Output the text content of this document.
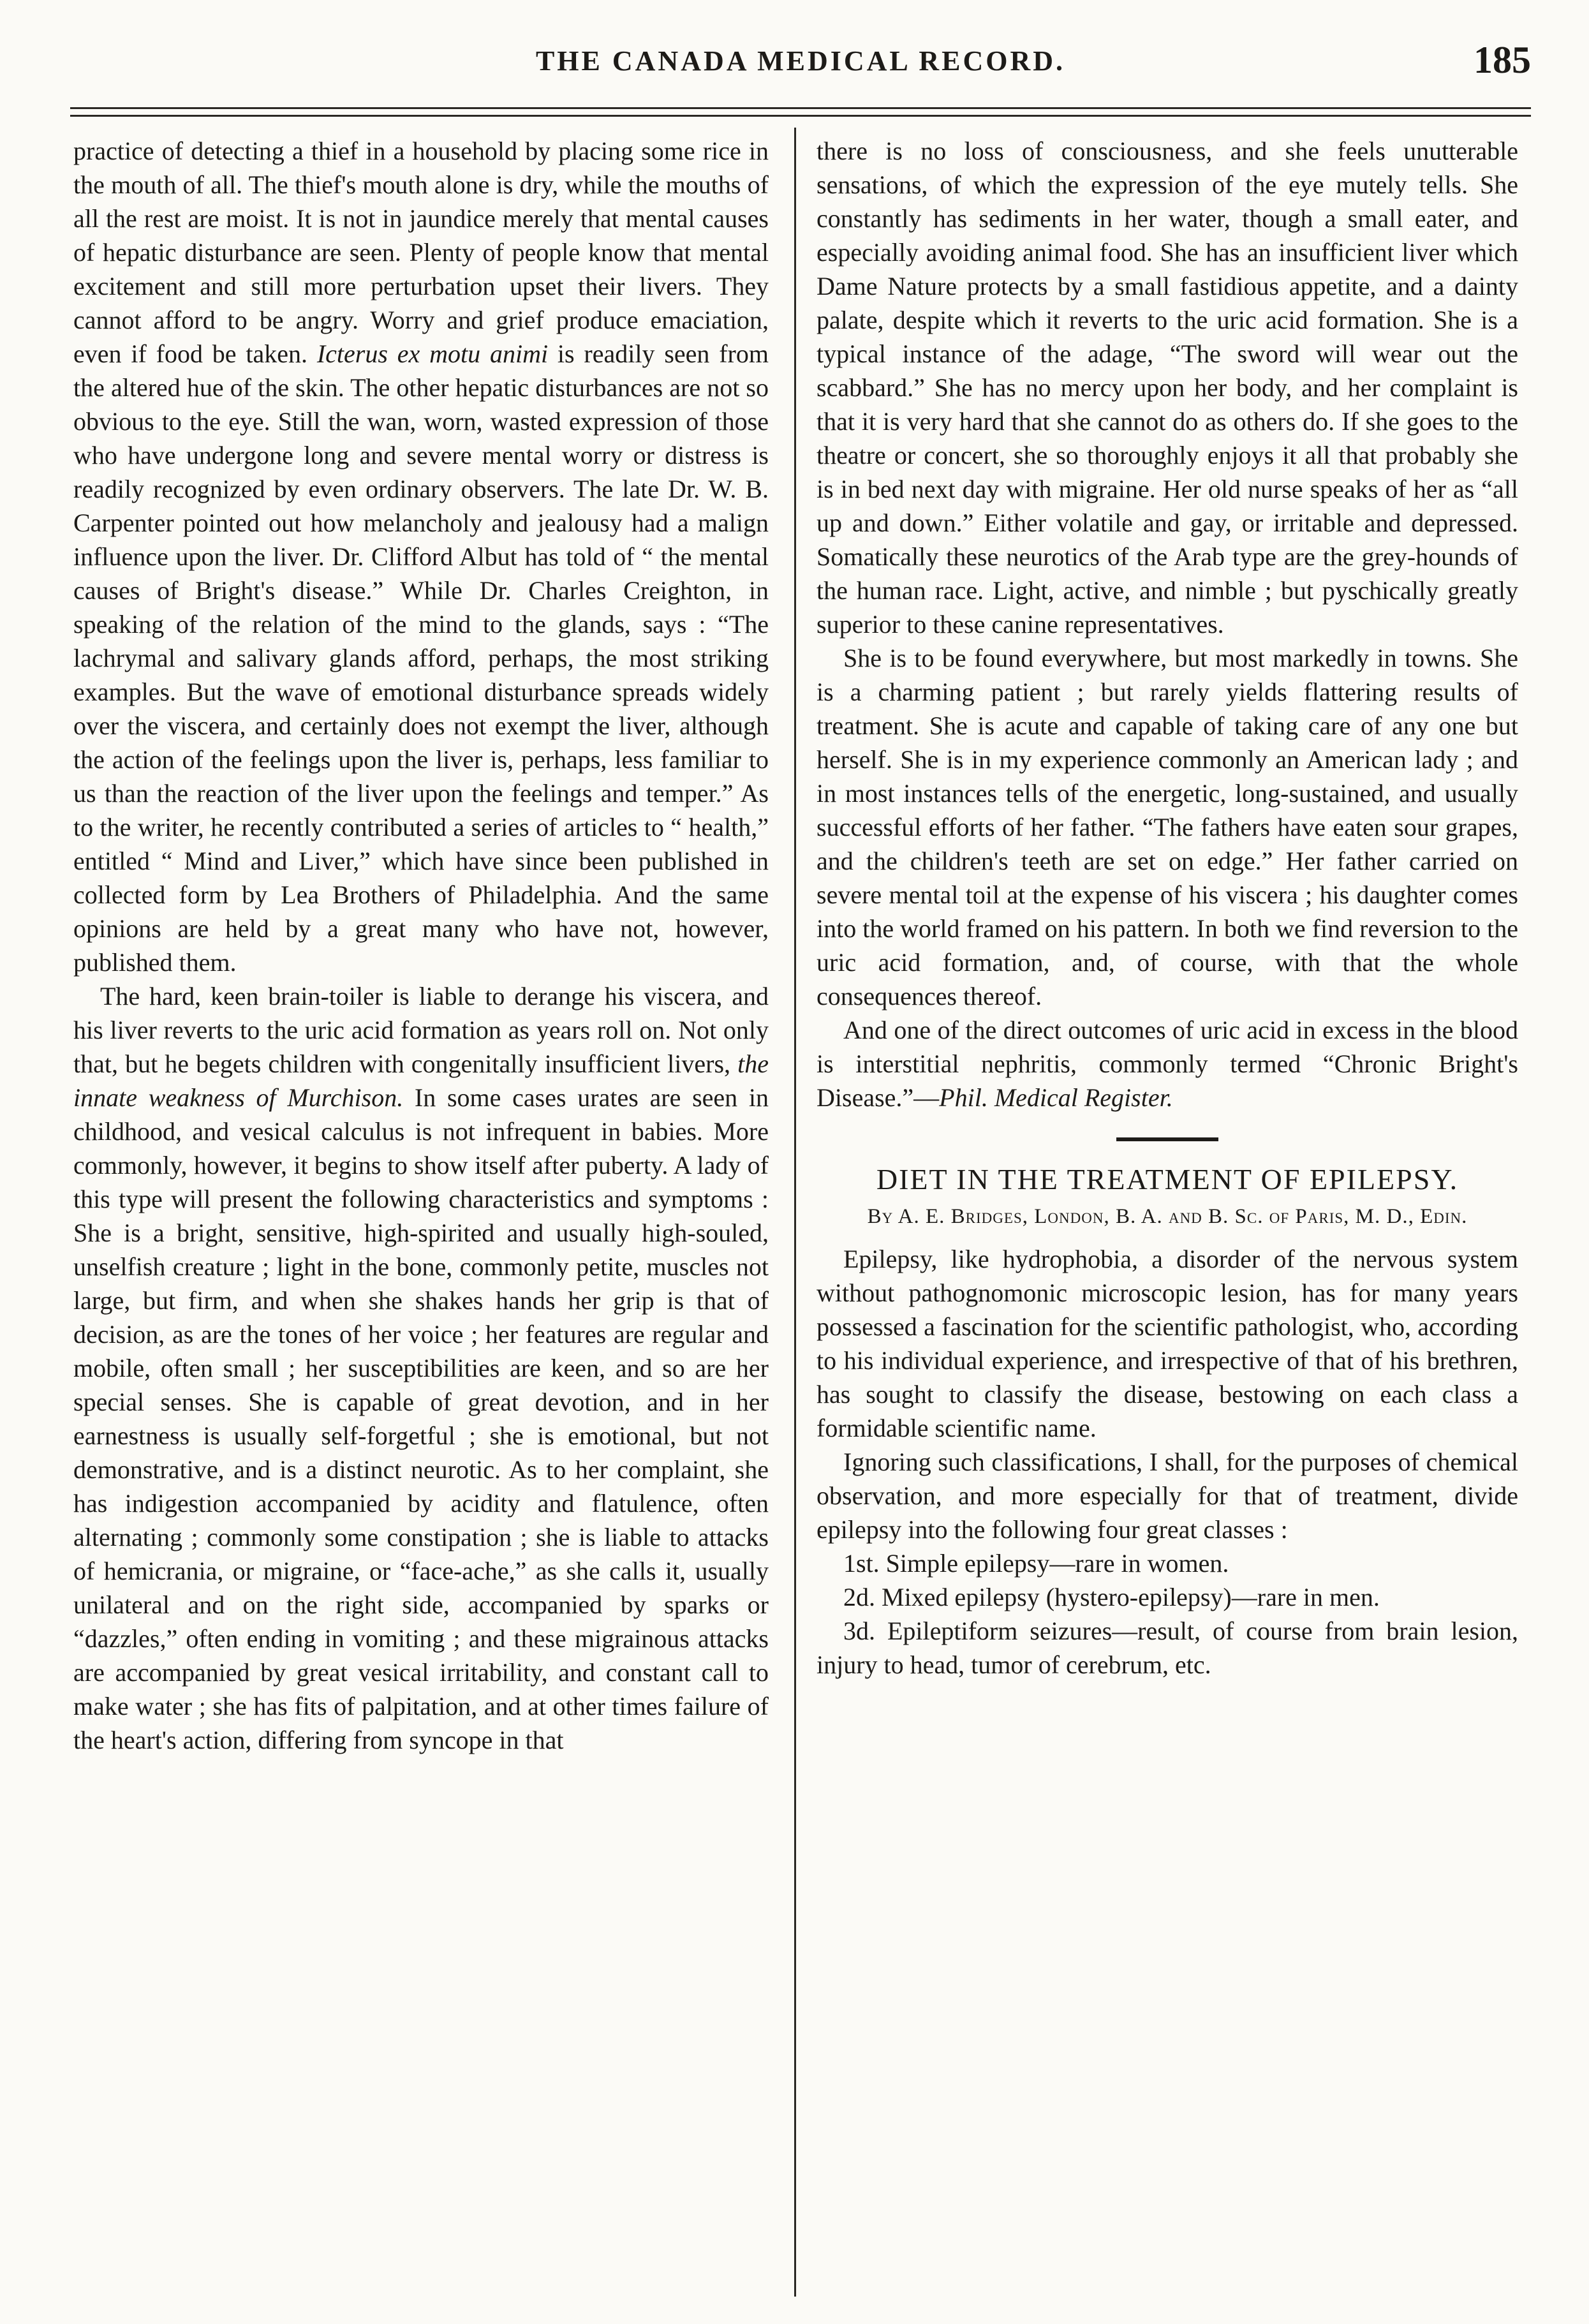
THE CANADA MEDICAL RECORD.	185

practice of detecting a thief in a household by placing some rice in the mouth of all. The thief's mouth alone is dry, while the mouths of all the rest are moist. It is not in jaundice merely that mental causes of hepatic disturbance are seen. Plenty of people know that mental excitement and still more perturbation upset their livers. They cannot afford to be angry. Worry and grief produce emaciation, even if food be taken. Icterus ex motu animi is readily seen from the altered hue of the skin. The other hepatic disturbances are not so obvious to the eye. Still the wan, worn, wasted expression of those who have undergone long and severe mental worry or distress is readily recognized by even ordinary observers. The late Dr. W. B. Carpenter pointed out how melancholy and jealousy had a malign influence upon the liver. Dr. Clifford Albut has told of “ the mental causes of Bright's disease.” While Dr. Charles Creighton, in speaking of the relation of the mind to the glands, says : “The lachrymal and salivary glands afford, perhaps, the most striking examples. But the wave of emotional disturbance spreads widely over the viscera, and certainly does not exempt the liver, although the action of the feelings upon the liver is, perhaps, less familiar to us than the reaction of the liver upon the feelings and temper.” As to the writer, he recently contributed a series of articles to “ health,” entitled “ Mind and Liver,” which have since been published in collected form by Lea Brothers of Philadelphia. And the same opinions are held by a great many who have not, however, published them.

The hard, keen brain-toiler is liable to derange his viscera, and his liver reverts to the uric acid formation as years roll on. Not only that, but he begets children with congenitally insufficient livers, the innate weakness of Murchison. In some cases urates are seen in childhood, and vesical calculus is not infrequent in babies. More commonly, however, it begins to show itself after puberty. A lady of this type will present the following characteristics and symptoms : She is a bright, sensitive, high-spirited and usually high-souled, unselfish creature ; light in the bone, commonly petite, muscles not large, but firm, and when she shakes hands her grip is that of decision, as are the tones of her voice ; her features are regular and mobile, often small ; her susceptibilities are keen, and so are her special senses. She is capable of great devotion, and in her earnestness is usually self-forgetful ; she is emotional, but not demonstrative, and is a distinct neurotic. As to her complaint, she has indigestion accompanied by acidity and flatulence, often alternating ; commonly some constipation ; she is liable to attacks of hemicrania, or migraine, or “face-ache,” as she calls it, usually unilateral and on the right side, accompanied by sparks or “dazzles,” often ending in vomiting ; and these migrainous attacks are accompanied by great vesical irritability, and constant call to make water ; she has fits of palpitation, and at other times failure of the heart's action, differing from syncope in that

there is no loss of consciousness, and she feels unutterable sensations, of which the expression of the eye mutely tells. She constantly has sediments in her water, though a small eater, and especially avoiding animal food. She has an insufficient liver which Dame Nature protects by a small fastidious appetite, and a dainty palate, despite which it reverts to the uric acid formation. She is a typical instance of the adage, “The sword will wear out the scabbard.” She has no mercy upon her body, and her complaint is that it is very hard that she cannot do as others do. If she goes to the theatre or concert, she so thoroughly enjoys it all that probably she is in bed next day with migraine. Her old nurse speaks of her as “all up and down.” Either volatile and gay, or irritable and depressed. Somatically these neurotics of the Arab type are the grey-hounds of the human race. Light, active, and nimble ; but pyschically greatly superior to these canine representatives.

She is to be found everywhere, but most markedly in towns. She is a charming patient ; but rarely yields flattering results of treatment. She is acute and capable of taking care of any one but herself. She is in my experience commonly an American lady ; and in most instances tells of the energetic, long-sustained, and usually successful efforts of her father. “The fathers have eaten sour grapes, and the children's teeth are set on edge.” Her father carried on severe mental toil at the expense of his viscera ; his daughter comes into the world framed on his pattern. In both we find reversion to the uric acid formation, and, of course, with that the whole consequences thereof.

And one of the direct outcomes of uric acid in excess in the blood is interstitial nephritis, commonly termed “Chronic Bright's Disease.”—Phil. Medical Register.

DIET IN THE TREATMENT OF EPILEPSY.
By A. E. Bridges, London, B. A. and B. Sc. of Paris, M. D., Edin.

Epilepsy, like hydrophobia, a disorder of the nervous system without pathognomonic microscopic lesion, has for many years possessed a fascination for the scientific pathologist, who, according to his individual experience, and irrespective of that of his brethren, has sought to classify the disease, bestowing on each class a formidable scientific name.

Ignoring such classifications, I shall, for the purposes of chemical observation, and more especially for that of treatment, divide epilepsy into the following four great classes :

1st. Simple epilepsy—rare in women.

2d. Mixed epilepsy (hystero-epilepsy)—rare in men.

3d. Epileptiform seizures—result, of course from brain lesion, injury to head, tumor of cerebrum, etc.
